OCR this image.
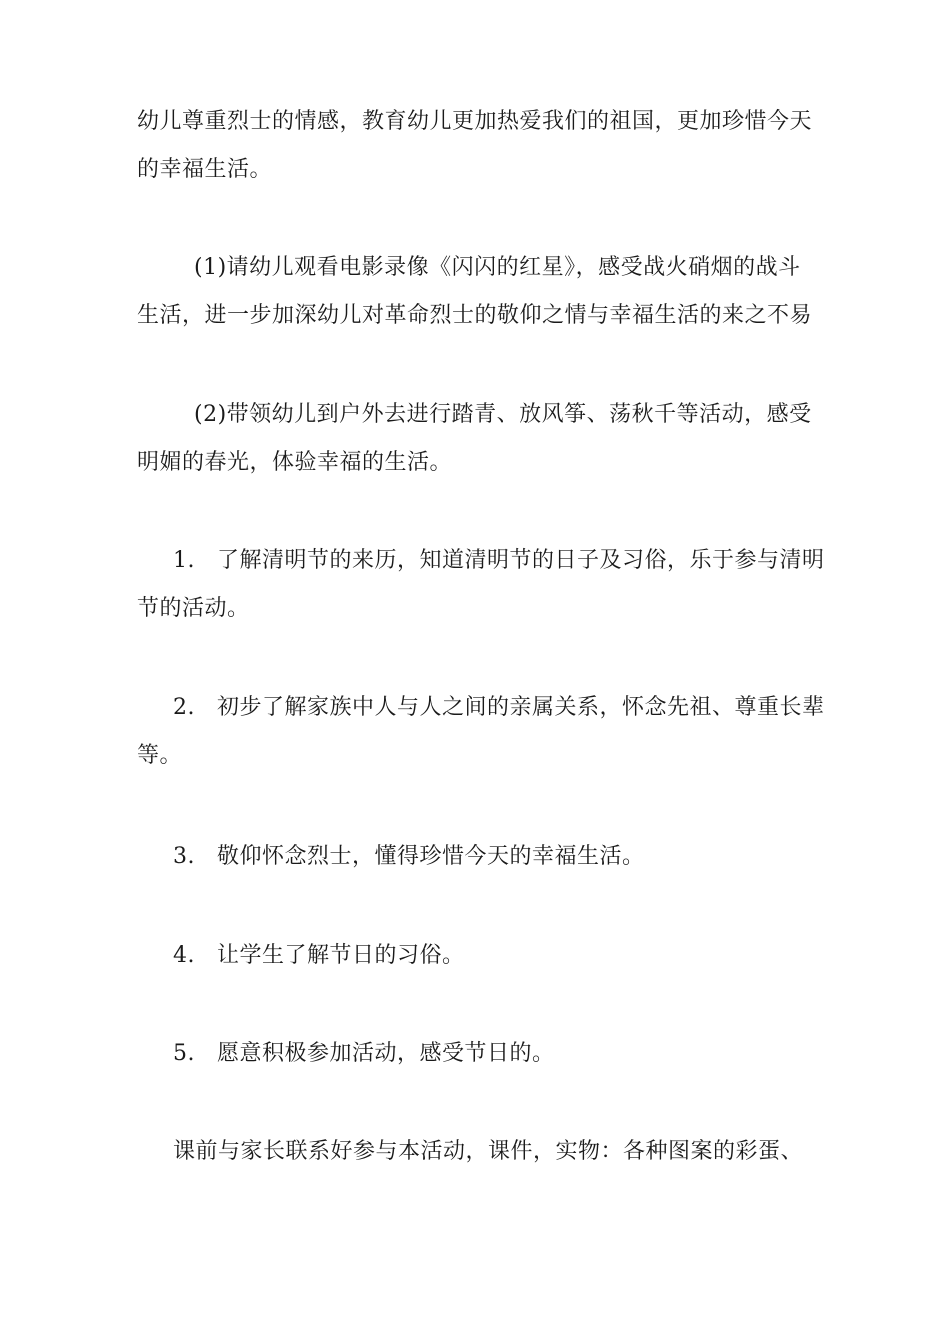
幼儿尊重烈士的情感，教育幼儿更加热爱我们的祖国，更加珍惜今天
的幸福生活。
(1)请幼儿观看电影录像《闪闪的红星》，感受战火硝烟的战斗
生活，进一步加深幼儿对革命烈士的敬仰之情与幸福生活的来之不易
(2)带领幼儿到户外去进行踏青、放风筝、荡秋千等活动，感受
明媚的春光，体验幸福的生活。
1. 了解清明节的来历，知道清明节的日子及习俗，乐于参与清明
节的活动。
2. 初步了解家族中人与人之间的亲属关系，怀念先祖、尊重长辈
等。
3. 敬仰怀念烈士，懂得珍惜今天的幸福生活。
4. 让学生了解节日的习俗。
5. 愿意积极参加活动，感受节日的。
课前与家长联系好参与本活动，课件，实物：各种图案的彩蛋、
